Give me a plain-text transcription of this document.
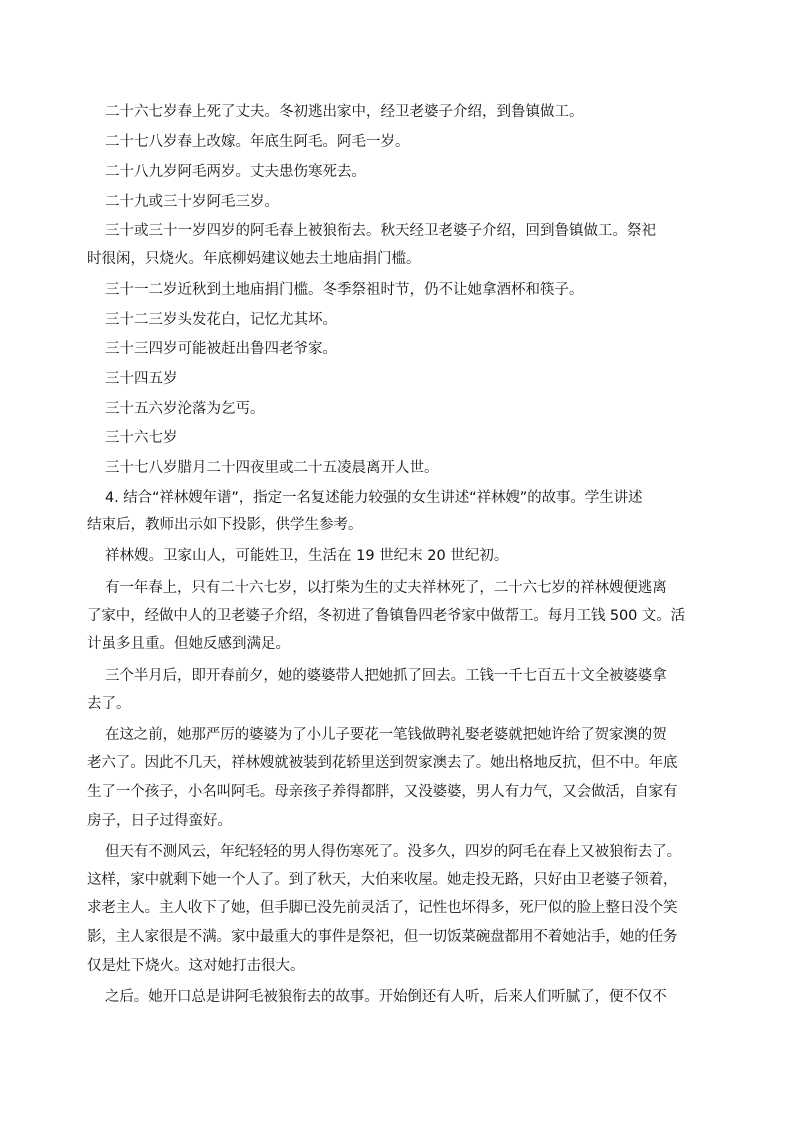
二十六七岁春上死了丈夫。冬初逃出家中，经卫老婆子介绍，到鲁镇做工。
二十七八岁春上改嫁。年底生阿毛。阿毛一岁。
二十八九岁阿毛两岁。丈夫患伤寒死去。
二十九或三十岁阿毛三岁。
三十或三十一岁四岁的阿毛春上被狼衔去。秋天经卫老婆子介绍，回到鲁镇做工。祭祀
时很闲，只烧火。年底柳妈建议她去土地庙捐门槛。
三十一二岁近秋到土地庙捐门槛。冬季祭祖时节，仍不让她拿酒杯和筷子。
三十二三岁头发花白，记忆尤其坏。
三十三四岁可能被赶出鲁四老爷家。
三十四五岁
三十五六岁沦落为乞丐。
三十六七岁
三十七八岁腊月二十四夜里或二十五凌晨离开人世。
4. 结合“祥林嫂年谱”，指定一名复述能力较强的女生讲述“祥林嫂”的故事。学生讲述
结束后，教师出示如下投影，供学生参考。
祥林嫂。卫家山人，可能姓卫，生活在 19 世纪末 20 世纪初。
有一年春上，只有二十六七岁，以打柴为生的丈夫祥林死了，二十六七岁的祥林嫂便逃离
了家中，经做中人的卫老婆子介绍，冬初进了鲁镇鲁四老爷家中做帮工。每月工钱 500 文。活
计虽多且重。但她反感到满足。
三个半月后，即开春前夕，她的婆婆带人把她抓了回去。工钱一千七百五十文全被婆婆拿
去了。
在这之前，她那严厉的婆婆为了小儿子要花一笔钱做聘礼娶老婆就把她许给了贺家澳的贺
老六了。因此不几天，祥林嫂就被装到花轿里送到贺家澳去了。她出格地反抗，但不中。年底
生了一个孩子，小名叫阿毛。母亲孩子养得都胖，又没婆婆，男人有力气，又会做活，自家有
房子，日子过得蛮好。
但天有不测风云，年纪轻轻的男人得伤寒死了。没多久，四岁的阿毛在春上又被狼衔去了。
这样，家中就剩下她一个人了。到了秋天，大伯来收屋。她走投无路，只好由卫老婆子领着，
求老主人。主人收下了她，但手脚已没先前灵活了，记性也坏得多，死尸似的脸上整日没个笑
影，主人家很是不满。家中最重大的事件是祭祀，但一切饭菜碗盘都用不着她沾手，她的任务
仅是灶下烧火。这对她打击很大。
之后。她开口总是讲阿毛被狼衔去的故事。开始倒还有人听，后来人们听腻了，便不仅不
